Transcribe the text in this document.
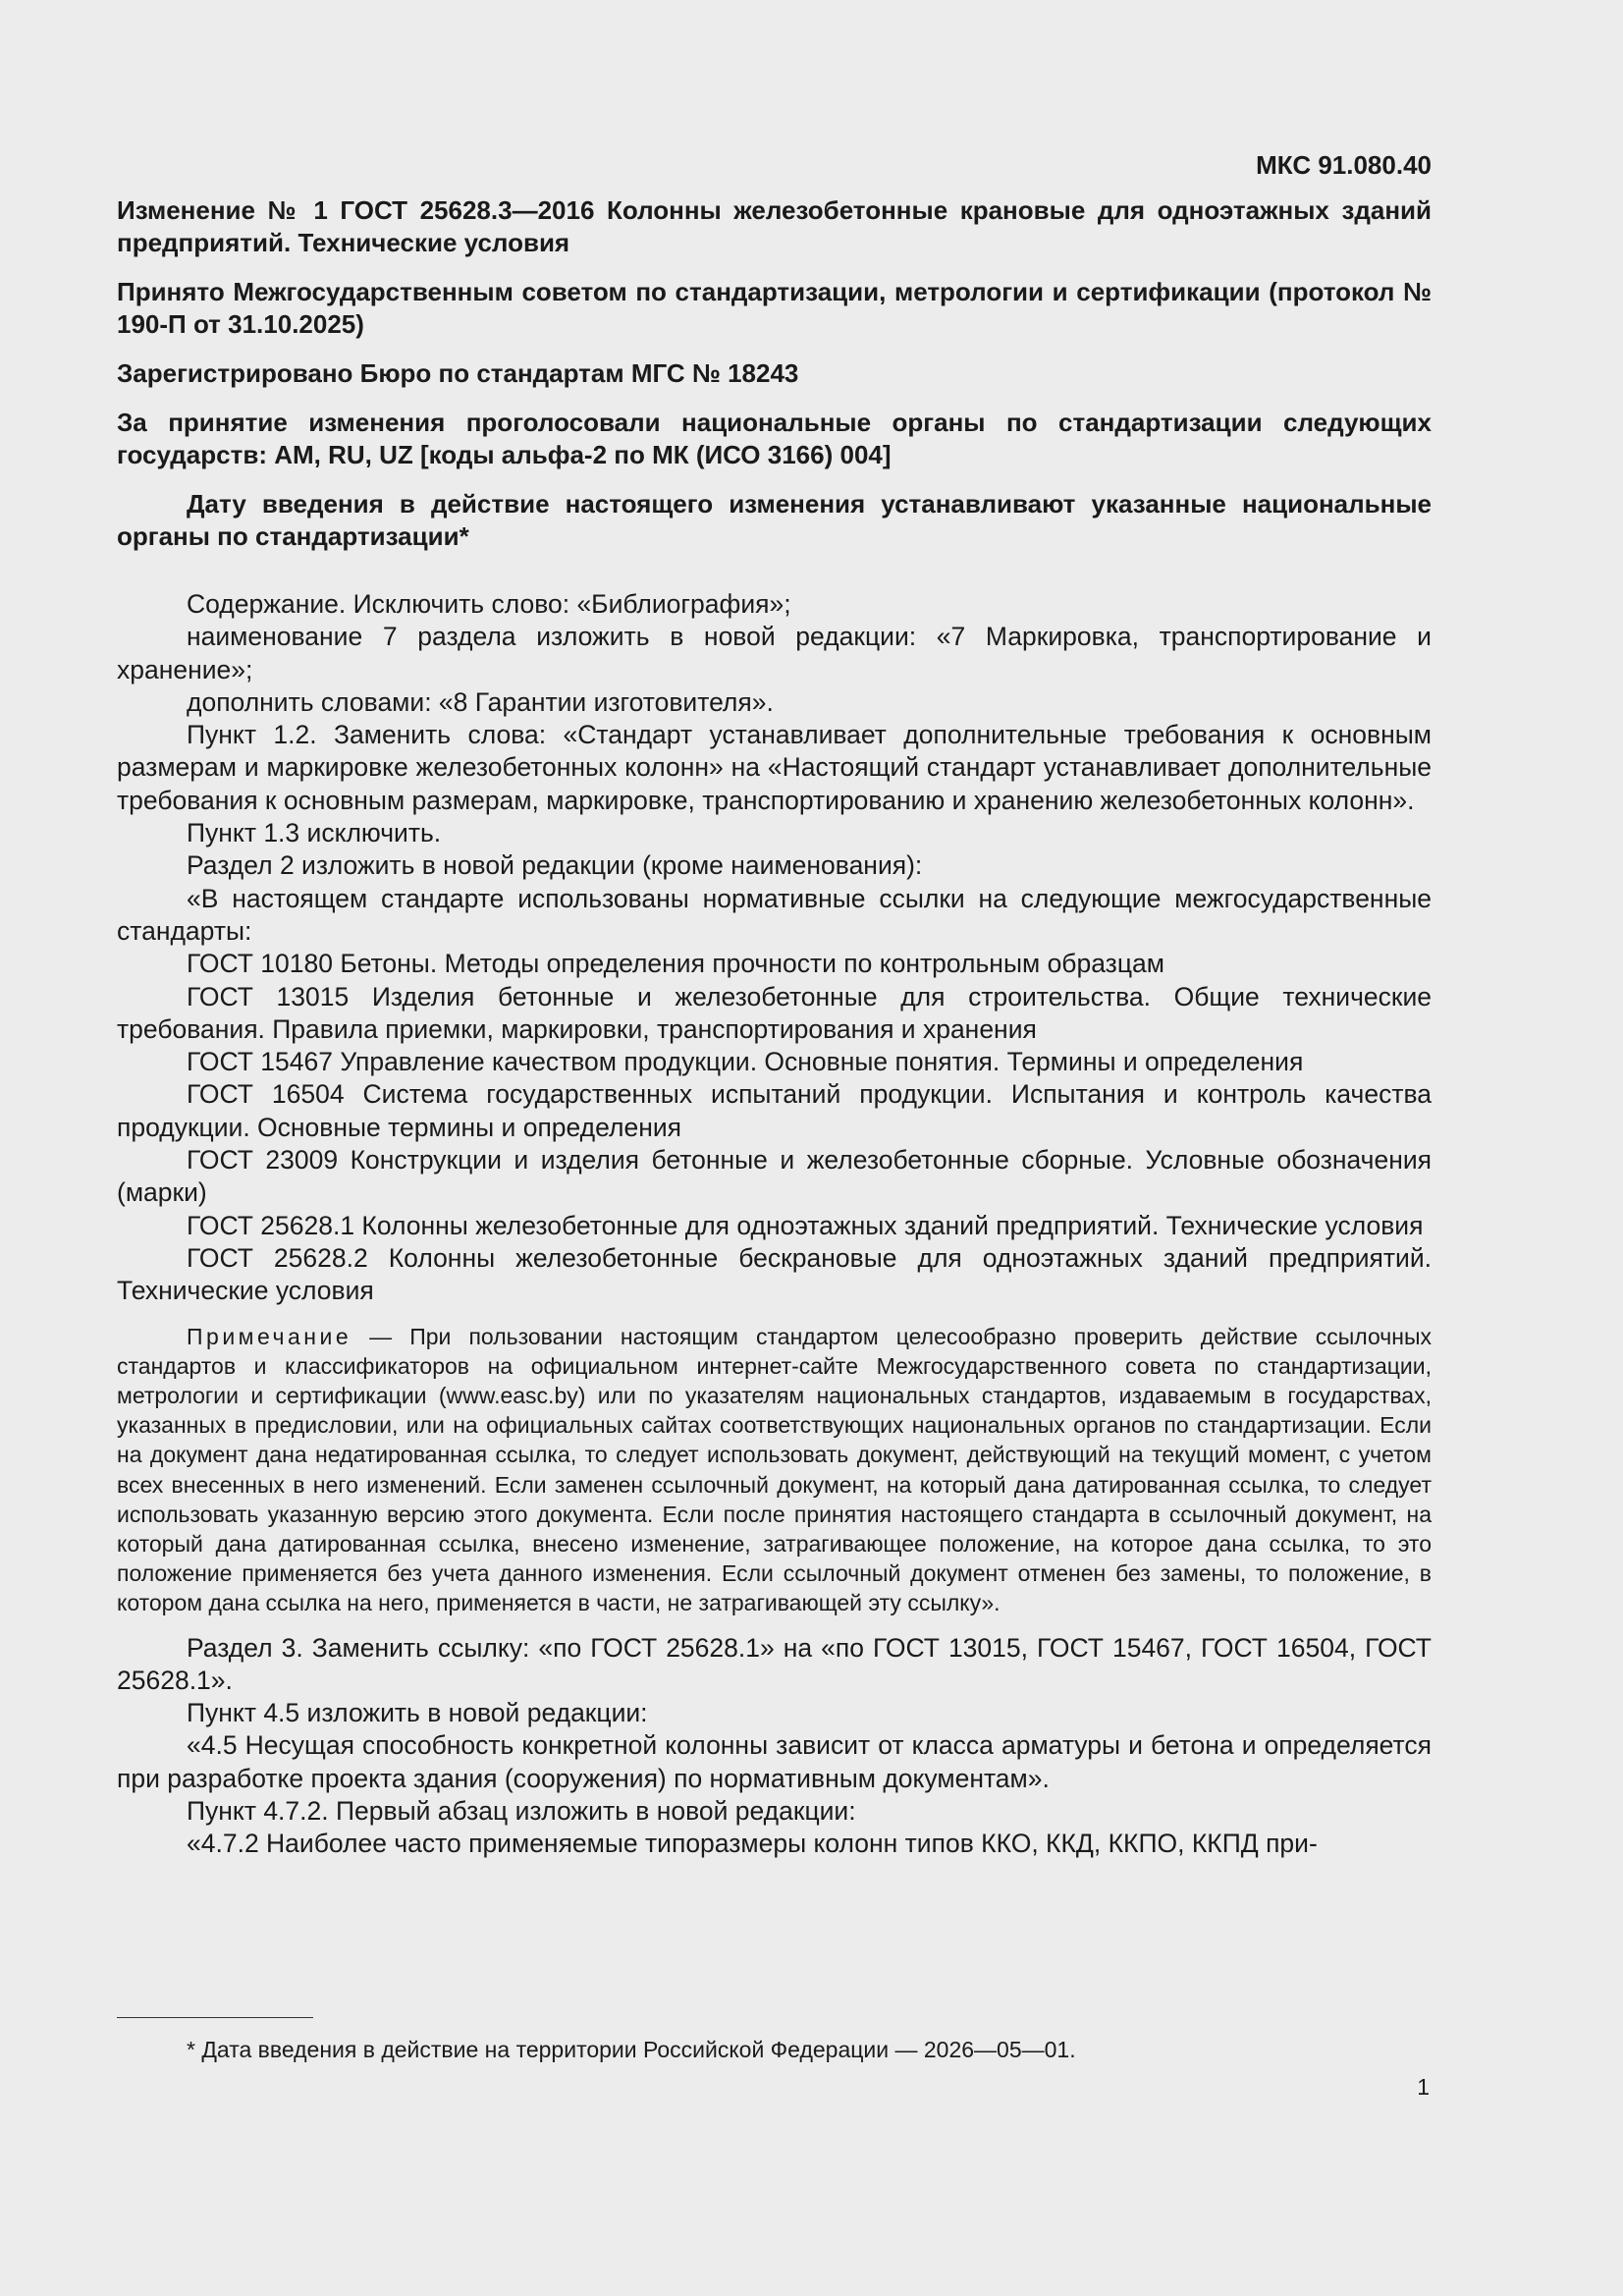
МКС 91.080.40
Изменение № 1 ГОСТ 25628.3—2016 Колонны железобетонные крановые для одноэтажных зданий предприятий. Технические условия
Принято Межгосударственным советом по стандартизации, метрологии и сертификации (протокол № 190-П от 31.10.2025)
Зарегистрировано Бюро по стандартам МГС № 18243
За принятие изменения проголосовали национальные органы по стандартизации следующих государств: AM, RU, UZ [коды альфа-2 по МК (ИСО 3166) 004]
Дату введения в действие настоящего изменения устанавливают указанные национальные органы по стандартизации*

Содержание. Исключить слово: «Библиография»;

наименование 7 раздела изложить в новой редакции: «7 Маркировка, транспортирование и хранение»;

дополнить словами: «8 Гарантии изготовителя».

Пункт 1.2. Заменить слова: «Стандарт устанавливает дополнительные требования к основным размерам и маркировке железобетонных колонн» на «Настоящий стандарт устанавливает дополнительные требования к основным размерам, маркировке, транспортированию и хранению железобетонных колонн».

Пункт 1.3 исключить.

Раздел 2 изложить в новой редакции (кроме наименования):

«В настоящем стандарте использованы нормативные ссылки на следующие межгосударственные стандарты:

ГОСТ 10180 Бетоны. Методы определения прочности по контрольным образцам

ГОСТ 13015 Изделия бетонные и железобетонные для строительства. Общие технические требования. Правила приемки, маркировки, транспортирования и хранения

ГОСТ 15467 Управление качеством продукции. Основные понятия. Термины и определения

ГОСТ 16504 Система государственных испытаний продукции. Испытания и контроль качества продукции. Основные термины и определения

ГОСТ 23009 Конструкции и изделия бетонные и железобетонные сборные. Условные обозначения (марки)

ГОСТ 25628.1 Колонны железобетонные для одноэтажных зданий предприятий. Технические условия

ГОСТ 25628.2 Колонны железобетонные бескрановые для одноэтажных зданий предприятий. Технические условия

Примечание — При пользовании настоящим стандартом целесообразно проверить действие ссылочных стандартов и классификаторов на официальном интернет-сайте Межгосударственного совета по стандартизации, метрологии и сертификации (www.easc.by) или по указателям национальных стандартов, издаваемым в государствах, указанных в предисловии, или на официальных сайтах соответствующих национальных органов по стандартизации. Если на документ дана недатированная ссылка, то следует использовать документ, действующий на текущий момент, с учетом всех внесенных в него изменений. Если заменен ссылочный документ, на который дана датированная ссылка, то следует использовать указанную версию этого документа. Если после принятия настоящего стандарта в ссылочный документ, на который дана датированная ссылка, внесено изменение, затрагивающее положение, на которое дана ссылка, то это положение применяется без учета данного изменения. Если ссылочный документ отменен без замены, то положение, в котором дана ссылка на него, применяется в части, не затрагивающей эту ссылку».

Раздел 3. Заменить ссылку: «по ГОСТ 25628.1» на «по ГОСТ 13015, ГОСТ 15467, ГОСТ 16504, ГОСТ 25628.1».

Пункт 4.5 изложить в новой редакции:

«4.5 Несущая способность конкретной колонны зависит от класса арматуры и бетона и определяется при разработке проекта здания (сооружения) по нормативным документам».

Пункт 4.7.2. Первый абзац изложить в новой редакции:

«4.7.2 Наиболее часто применяемые типоразмеры колонн типов ККО, ККД, ККПО, ККПД при-

* Дата введения в действие на территории Российской Федерации — 2026—05—01.
1
